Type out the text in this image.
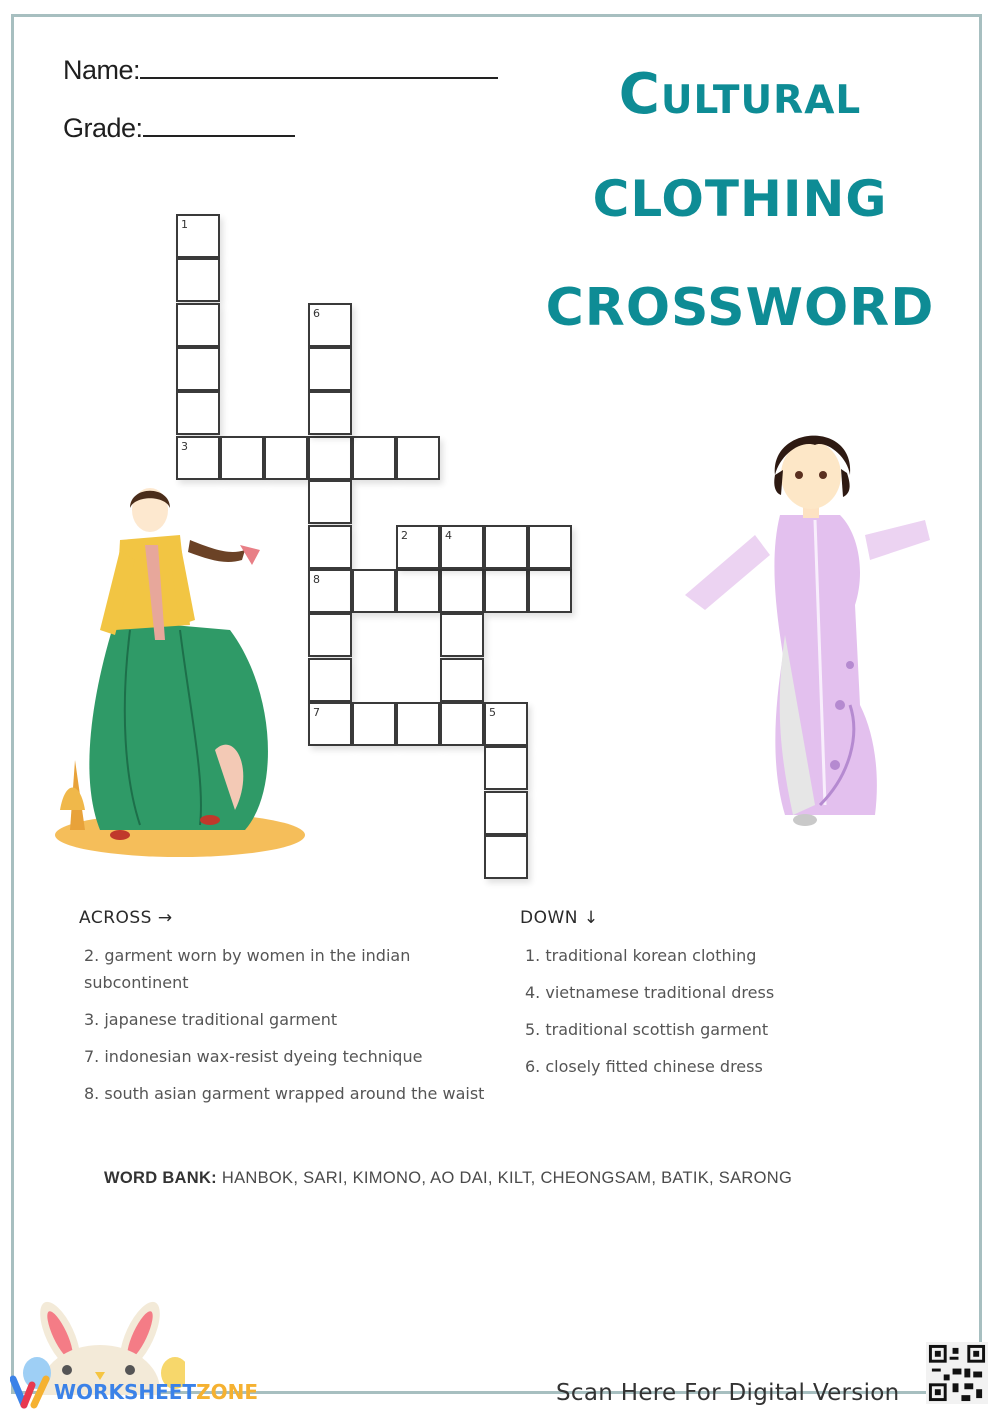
Name:
Grade:
Cultural
CLOTHING
CROSSWORD
1
3
6
8
2	4
7	5
ACROSS →
2. garment worn by women in the indian subcontinent
3. japanese traditional garment
7. indonesian wax-resist dyeing technique
8. south asian garment wrapped around the waist
DOWN ↓
1. traditional korean clothing
4. vietnamese traditional dress
5. traditional scottish garment
6. closely fitted chinese dress
WORD BANK: HANBOK, SARI, KIMONO, AO DAI, KILT, CHEONGSAM, BATIK, SARONG
WORKSHEET ZONE	Scan Here For Digital Version
